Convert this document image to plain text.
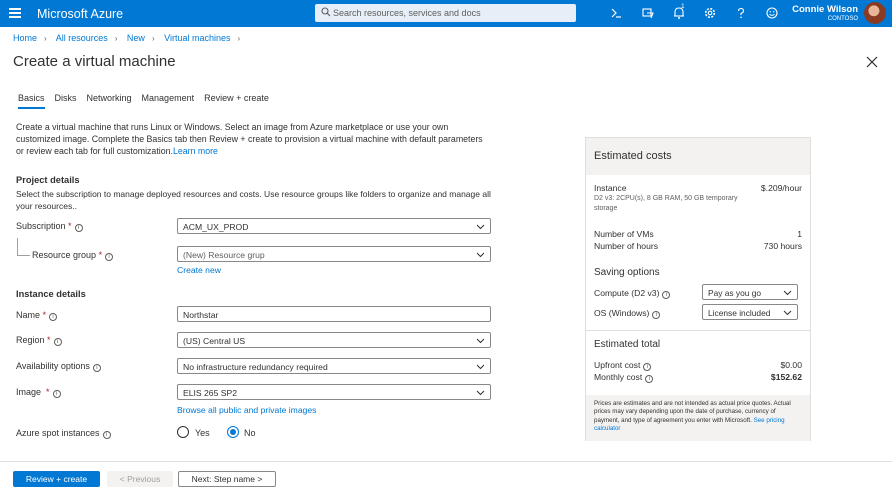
Microsoft Azure	Search resources, services and docs
1	Connie Wilson
CONTOSO
Home › All resources › New › Virtual machines ›
Create a virtual machine
Basics Disks Networking Management Review + create
Create a virtual machine that runs Linux or Windows. Select an image from Azure marketplace or use your own customized image. Complete the Basics tab then Review + create to provision a virtual machine with default parameters or review each tab for full customization.Learn more
Project details
Select the subscription to manage deployed resources and costs. Use resource groups like folders to organize and manage all your resources..
Subscription * i	ACM_UX_PROD
Resource group * i	(New) Resource grup
Create new
Instance details
Name * i	Northstar
Region * i	(US) Central US
Availability options i	No infrastructure redundancy required
Image * i	ELIS 265 SP2
Browse all public and private images
Azure spot instances i	Yes	No
Review + create	< Previous	Next: Step name >
Estimated costs
Instance	$.209/hour
D2 v3: 2CPU(s), 8 GB RAM, 50 GB temporary storage
Number of VMs	1
Number of hours	730 hours
Saving options
Compute (D2 v3) i	Pay as you go
OS (Windows) i	License included
Estimated total
Upfront cost i	$0.00
Monthly cost i	$152.62
Prices are estimates and are not intended as actual price quotes. Actual prices may vary depending upon the date of purchase, currency of payment, and type of agreement you enter with Microsoft. See pricing calculator
